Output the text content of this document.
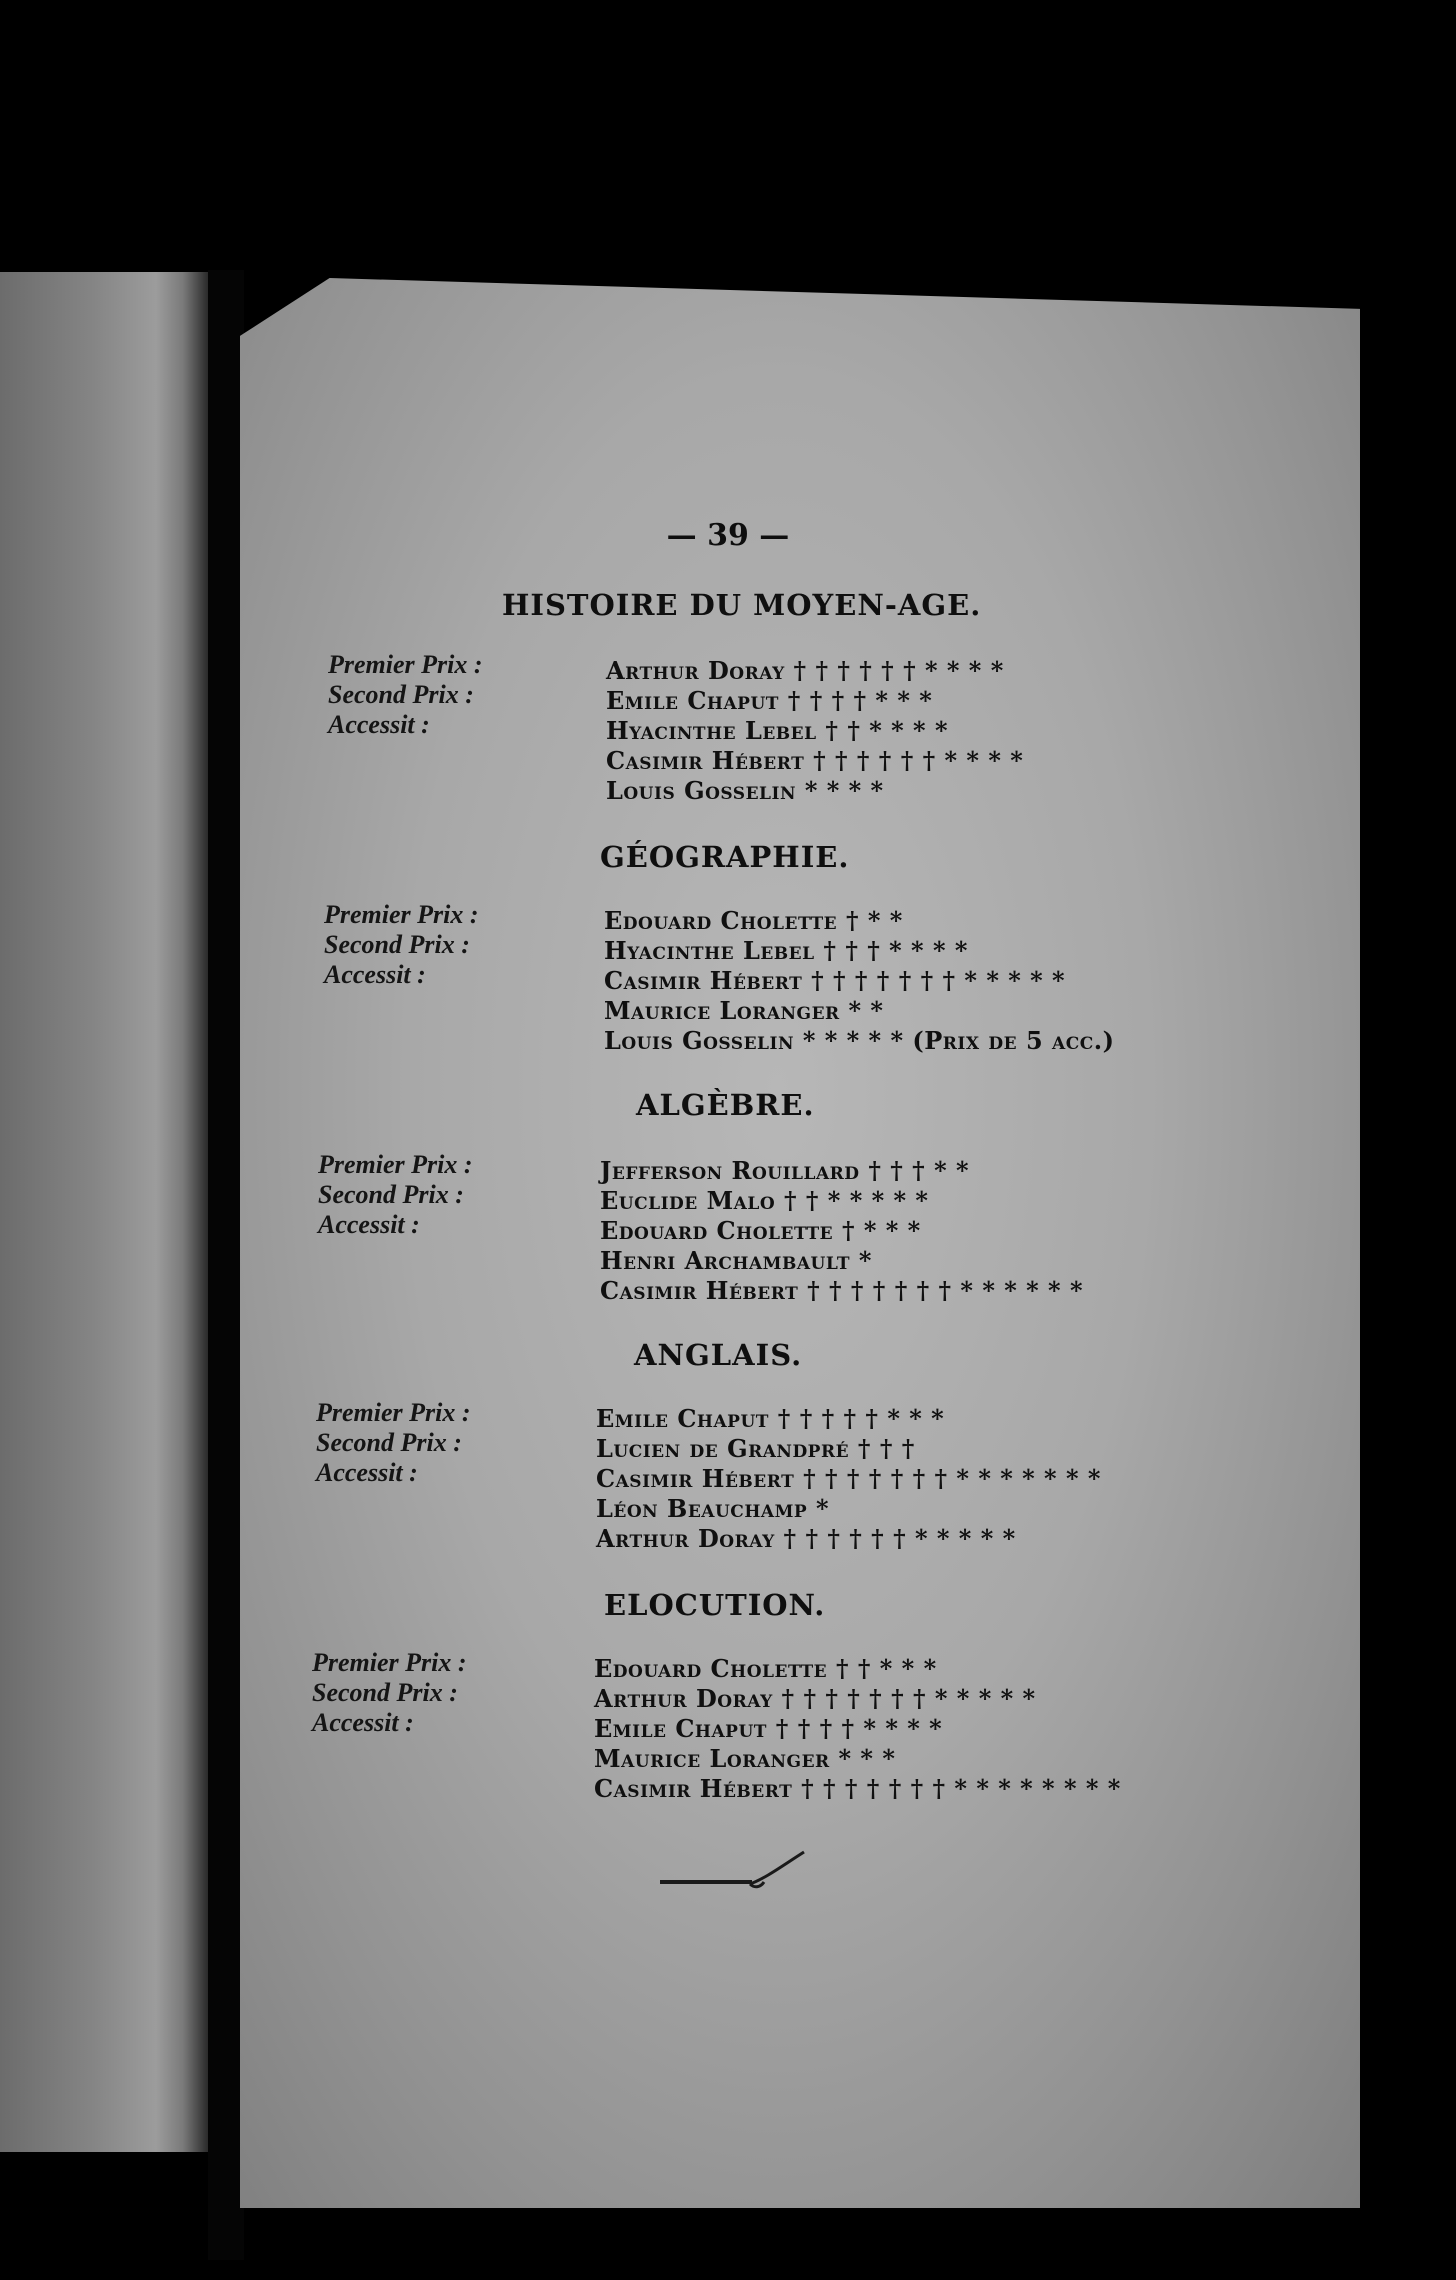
— 39 —
HISTOIRE DU MOYEN-AGE.
Premier Prix :
Second Prix :
Accessit :
Arthur Doray † † † † † † * * * *
Emile Chaput † † † † * * *
Hyacinthe Lebel † † * * * *
Casimir Hébert † † † † † † * * * *
Louis Gosselin * * * *
GÉOGRAPHIE.
Premier Prix :
Second Prix :
Accessit :
Edouard Cholette † * *
Hyacinthe Lebel † † † * * * *
Casimir Hébert † † † † † † † * * * * *
Maurice Loranger * *
Louis Gosselin * * * * * (Prix de 5 acc.)
ALGÈBRE.
Premier Prix :
Second Prix :
Accessit :
Jefferson Rouillard † † † * *
Euclide Malo † † * * * * *
Edouard Cholette † * * *
Henri Archambault *
Casimir Hébert † † † † † † † * * * * * *
ANGLAIS.
Premier Prix :
Second Prix :
Accessit :
Emile Chaput † † † † † * * *
Lucien de Grandpré † † †
Casimir Hébert † † † † † † † * * * * * * *
Léon Beauchamp *
Arthur Doray † † † † † † * * * * *
ELOCUTION.
Premier Prix :
Second Prix :
Accessit :
Edouard Cholette † † * * *
Arthur Doray † † † † † † † * * * * *
Emile Chaput † † † † * * * *
Maurice Loranger * * *
Casimir Hébert † † † † † † † * * * * * * * *
